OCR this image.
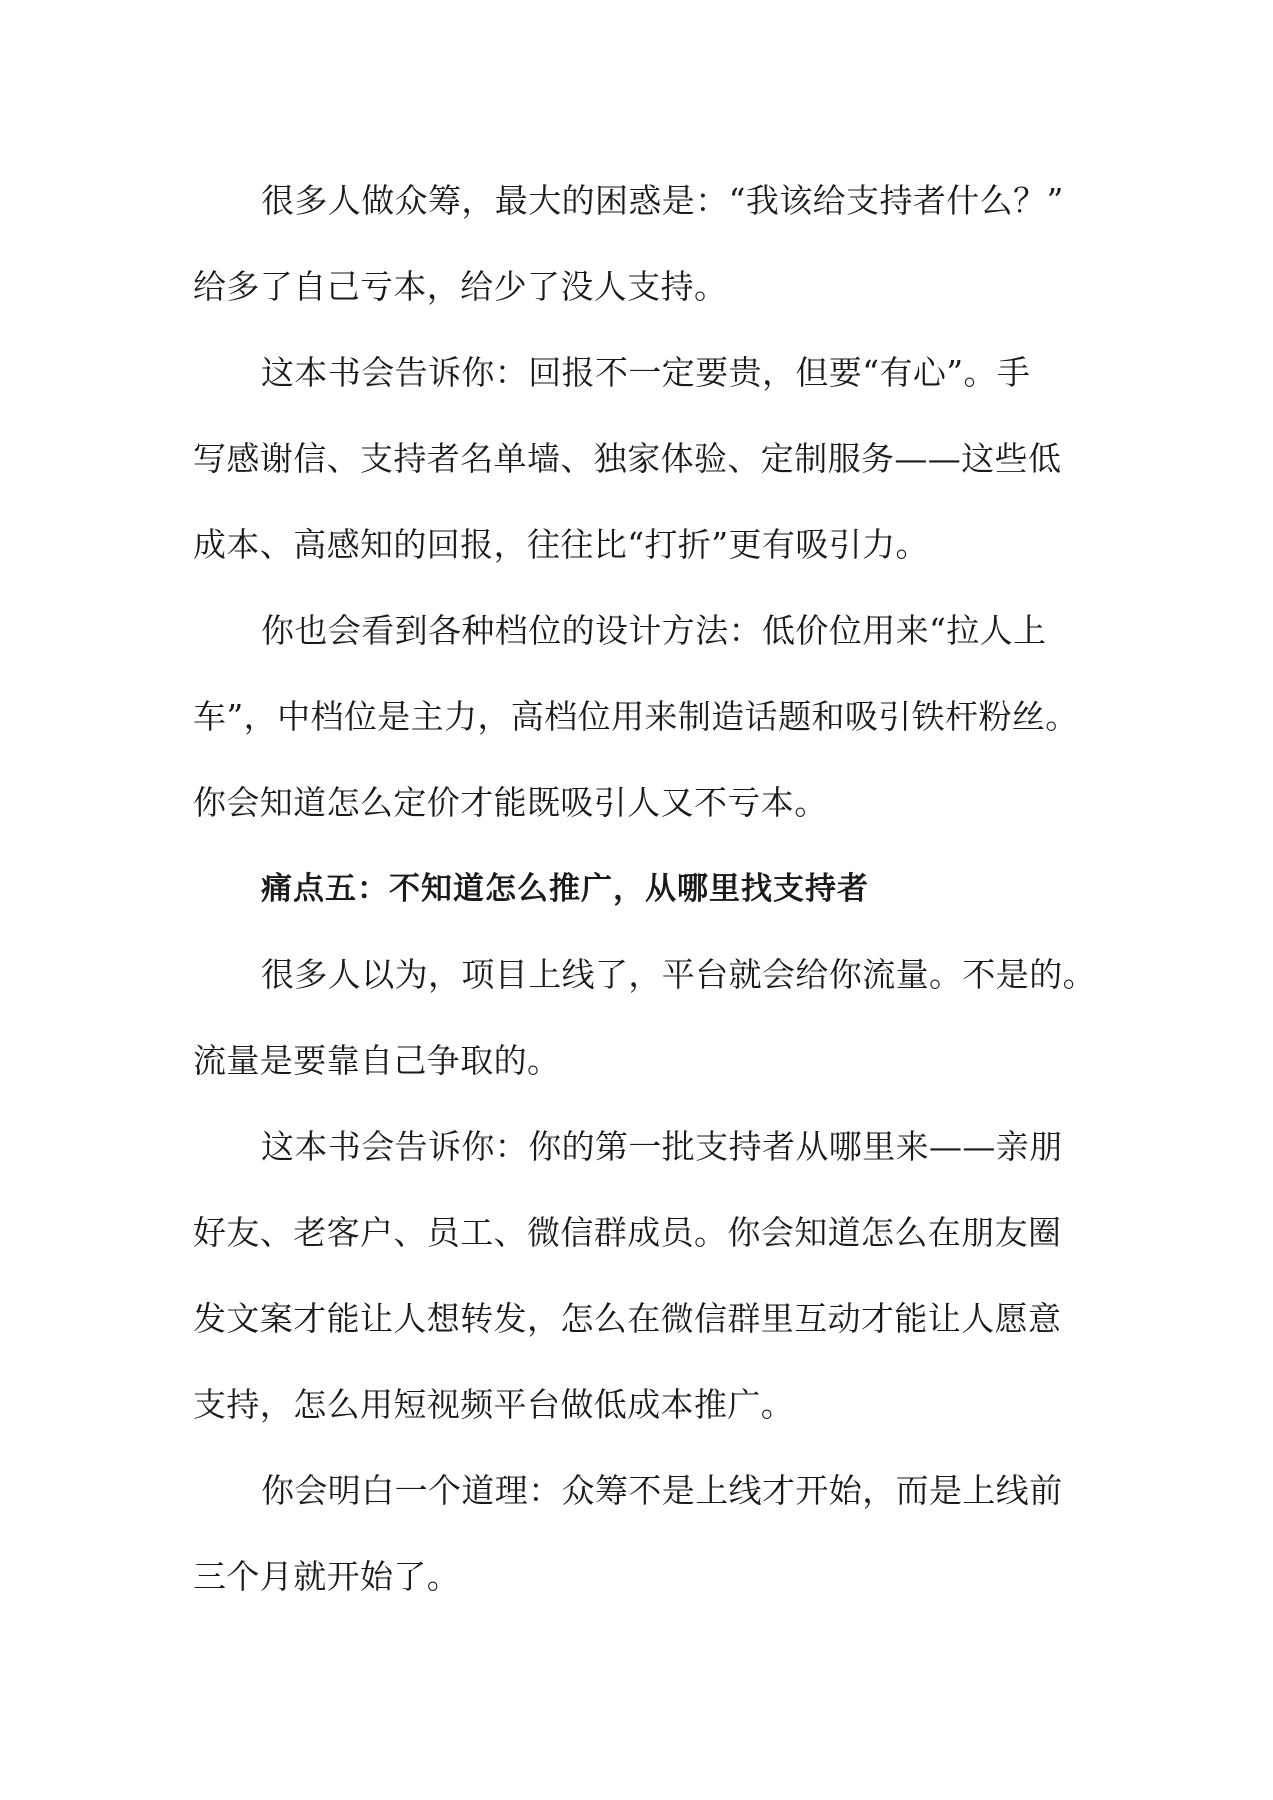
很多人做众筹，最大的困惑是：“我该给支持者什么？”
给多了自己亏本，给少了没人支持。
这本书会告诉你：回报不一定要贵，但要“有心”。手
写感谢信、支持者名单墙、独家体验、定制服务——这些低
成本、高感知的回报，往往比“打折”更有吸引力。
你也会看到各种档位的设计方法：低价位用来“拉人上
车”，中档位是主力，高档位用来制造话题和吸引铁杆粉丝。
你会知道怎么定价才能既吸引人又不亏本。
痛点五：不知道怎么推广，从哪里找支持者
很多人以为，项目上线了，平台就会给你流量。不是的。
流量是要靠自己争取的。
这本书会告诉你：你的第一批支持者从哪里来——亲朋
好友、老客户、员工、微信群成员。你会知道怎么在朋友圈
发文案才能让人想转发，怎么在微信群里互动才能让人愿意
支持，怎么用短视频平台做低成本推广。
你会明白一个道理：众筹不是上线才开始，而是上线前
三个月就开始了。
